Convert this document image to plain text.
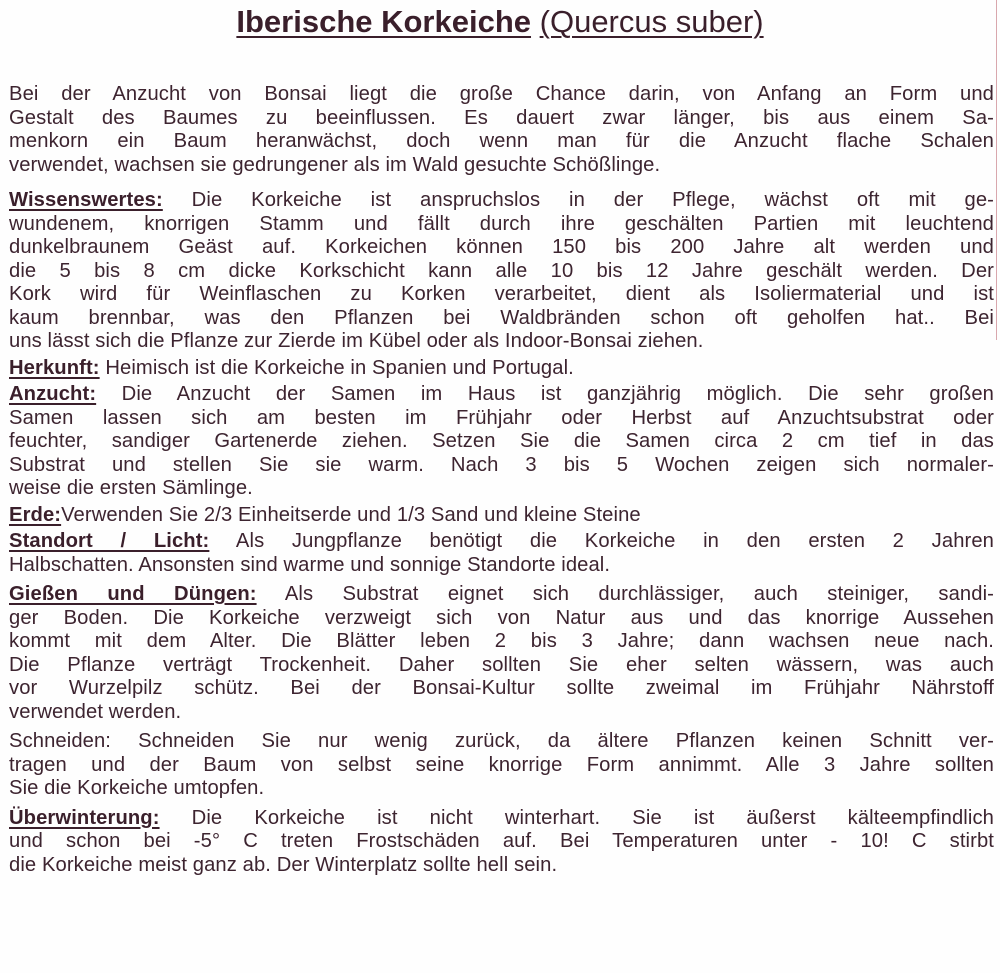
Iberische Korkeiche (Quercus suber)

Bei der Anzucht von Bonsai liegt die große Chance darin, von Anfang an Form und
Gestalt des Baumes zu beeinflussen. Es dauert zwar länger, bis aus einem Sa-
menkorn ein Baum heranwächst, doch wenn man für die Anzucht flache Schalen
verwendet, wachsen sie gedrungener als im Wald gesuchte Schößlinge.

Wissenswertes: Die Korkeiche ist anspruchslos in der Pflege, wächst oft mit ge-
wundenem, knorrigen Stamm und fällt durch ihre geschälten Partien mit leuchtend
dunkelbraunem Geäst auf. Korkeichen können 150 bis 200 Jahre alt werden und
die 5 bis 8 cm dicke Korkschicht kann alle 10 bis 12 Jahre geschält werden. Der
Kork wird für Weinflaschen zu Korken verarbeitet, dient als Isoliermaterial und ist
kaum brennbar, was den Pflanzen bei Waldbränden schon oft geholfen hat.. Bei
uns lässt sich die Pflanze zur Zierde im Kübel oder als Indoor-Bonsai ziehen.

Herkunft: Heimisch ist die Korkeiche in Spanien und Portugal.

Anzucht: Die Anzucht der Samen im Haus ist ganzjährig möglich. Die sehr großen
Samen lassen sich am besten im Frühjahr oder Herbst auf Anzuchtsubstrat oder
feuchter, sandiger Gartenerde ziehen. Setzen Sie die Samen circa 2 cm tief in das
Substrat und stellen Sie sie warm. Nach 3 bis 5 Wochen zeigen sich normaler-
weise die ersten Sämlinge.

Erde:Verwenden Sie 2/3 Einheitserde und 1/3 Sand und kleine Steine

Standort / Licht: Als Jungpflanze benötigt die Korkeiche in den ersten 2 Jahren
Halbschatten. Ansonsten sind warme und sonnige Standorte ideal.

Gießen und Düngen: Als Substrat eignet sich durchlässiger, auch steiniger, sandi-
ger Boden. Die Korkeiche verzweigt sich von Natur aus und das knorrige Aussehen
kommt mit dem Alter. Die Blätter leben 2 bis 3 Jahre; dann wachsen neue nach.
Die Pflanze verträgt Trockenheit. Daher sollten Sie eher selten wässern, was auch
vor Wurzelpilz schütz. Bei der Bonsai-Kultur sollte zweimal im Frühjahr Nährstoff
verwendet werden.

Schneiden: Schneiden Sie nur wenig zurück, da ältere Pflanzen keinen Schnitt ver-
tragen und der Baum von selbst seine knorrige Form annimmt. Alle 3 Jahre sollten
Sie die Korkeiche umtopfen.

Überwinterung: Die Korkeiche ist nicht winterhart. Sie ist äußerst kälteempfindlich
und schon bei -5° C treten Frostschäden auf. Bei Temperaturen unter - 10! C stirbt
die Korkeiche meist ganz ab. Der Winterplatz sollte hell sein.
